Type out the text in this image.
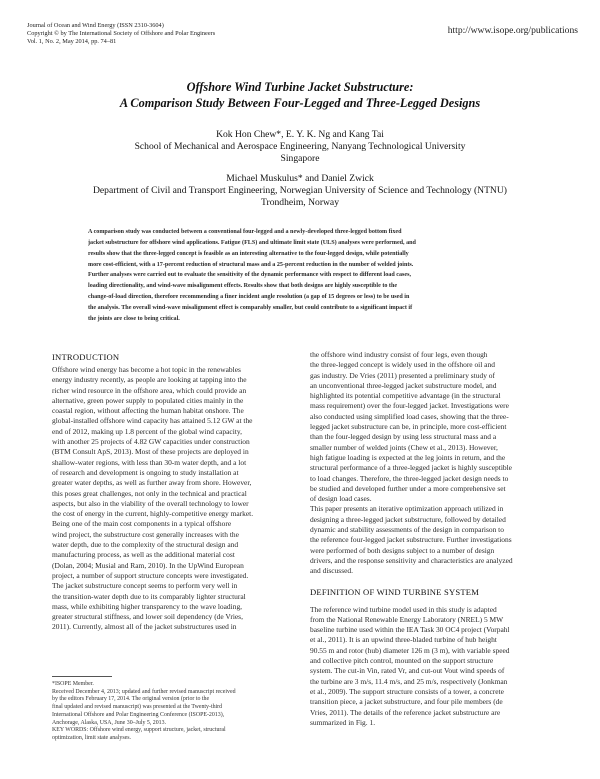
Journal of Ocean and Wind Energy (ISSN 2310-3604)
Copyright © by The International Society of Offshore and Polar Engineers
Vol. 1, No. 2, May 2014, pp. 74–81
http://www.isope.org/publications
Offshore Wind Turbine Jacket Substructure:
A Comparison Study Between Four-Legged and Three-Legged Designs
Kok Hon Chew*, E. Y. K. Ng and Kang Tai
School of Mechanical and Aerospace Engineering, Nanyang Technological University
Singapore
Michael Muskulus* and Daniel Zwick
Department of Civil and Transport Engineering, Norwegian University of Science and Technology (NTNU)
Trondheim, Norway
A comparison study was conducted between a conventional four-legged and a newly-developed three-legged bottom fixed
jacket substructure for offshore wind applications. Fatigue (FLS) and ultimate limit state (ULS) analyses were performed, and
results show that the three-legged concept is feasible as an interesting alternative to the four-legged design, while potentially
more cost-efficient, with a 17-percent reduction of structural mass and a 25-percent reduction in the number of welded joints.
Further analyses were carried out to evaluate the sensitivity of the dynamic performance with respect to different load cases,
loading directionality, and wind-wave misalignment effects. Results show that both designs are highly susceptible to the
change-of-load direction, therefore recommending a finer incident angle resolution (a gap of 15 degrees or less) to be used in
the analysis. The overall wind-wave misalignment effect is comparably smaller, but could contribute to a significant impact if
the joints are close to being critical.
INTRODUCTION
Offshore wind energy has become a hot topic in the renewables
energy industry recently, as people are looking at tapping into the
richer wind resource in the offshore area, which could provide an
alternative, green power supply to populated cities mainly in the
coastal region, without affecting the human habitat onshore. The
global-installed offshore wind capacity has attained 5.12 GW at the
end of 2012, making up 1.8 percent of the global wind capacity,
with another 25 projects of 4.82 GW capacities under construction
(BTM Consult ApS, 2013). Most of these projects are deployed in
shallow-water regions, with less than 30-m water depth, and a lot
of research and development is ongoing to study installation at
greater water depths, as well as further away from shore. However,
this poses great challenges, not only in the technical and practical
aspects, but also in the viability of the overall technology to lower
the cost of energy in the current, highly-competitive energy market.
Being one of the main cost components in a typical offshore
wind project, the substructure cost generally increases with the
water depth, due to the complexity of the structural design and
manufacturing process, as well as the additional material cost
(Dolan, 2004; Musial and Ram, 2010). In the UpWind European
project, a number of support structure concepts were investigated.
The jacket substructure concept seems to perform very well in
the transition-water depth due to its comparably lighter structural
mass, while exhibiting higher transparency to the wave loading,
greater structural stiffness, and lower soil dependency (de Vries,
2011). Currently, almost all of the jacket substructures used in
*ISOPE Member.
Received December 4, 2013; updated and further revised manuscript received
by the editors February 17, 2014. The original version (prior to the
final updated and revised manuscript) was presented at the Twenty-third
International Offshore and Polar Engineering Conference (ISOPE-2013),
Anchorage, Alaska, USA, June 30–July 5, 2013.
KEY WORDS: Offshore wind energy, support structure, jacket, structural
optimization, limit state analyses.
the offshore wind industry consist of four legs, even though
the three-legged concept is widely used in the offshore oil and
gas industry. De Vries (2011) presented a preliminary study of
an unconventional three-legged jacket substructure model, and
highlighted its potential competitive advantage (in the structural
mass requirement) over the four-legged jacket. Investigations were
also conducted using simplified load cases, showing that the three-
legged jacket substructure can be, in principle, more cost-efficient
than the four-legged design by using less structural mass and a
smaller number of welded joints (Chew et al., 2013). However,
high fatigue loading is expected at the leg joints in return, and the
structural performance of a three-legged jacket is highly susceptible
to load changes. Therefore, the three-legged jacket design needs to
be studied and developed further under a more comprehensive set
of design load cases.
This paper presents an iterative optimization approach utilized in
designing a three-legged jacket substructure, followed by detailed
dynamic and stability assessments of the design in comparison to
the reference four-legged jacket substructure. Further investigations
were performed of both designs subject to a number of design
drivers, and the response sensitivity and characteristics are analyzed
and discussed.
DEFINITION OF WIND TURBINE SYSTEM
The reference wind turbine model used in this study is adapted
from the National Renewable Energy Laboratory (NREL) 5 MW
baseline turbine used within the IEA Task 30 OC4 project (Vorpahl
et al., 2011). It is an upwind three-bladed turbine of hub height
90.55 m and rotor (hub) diameter 126 m (3 m), with variable speed
and collective pitch control, mounted on the support structure
system. The cut-in Vin, rated Vr, and cut-out Vout wind speeds of
the turbine are 3 m/s, 11.4 m/s, and 25 m/s, respectively (Jonkman
et al., 2009). The support structure consists of a tower, a concrete
transition piece, a jacket substructure, and four pile members (de
Vries, 2011). The details of the reference jacket substructure are
summarized in Fig. 1.
